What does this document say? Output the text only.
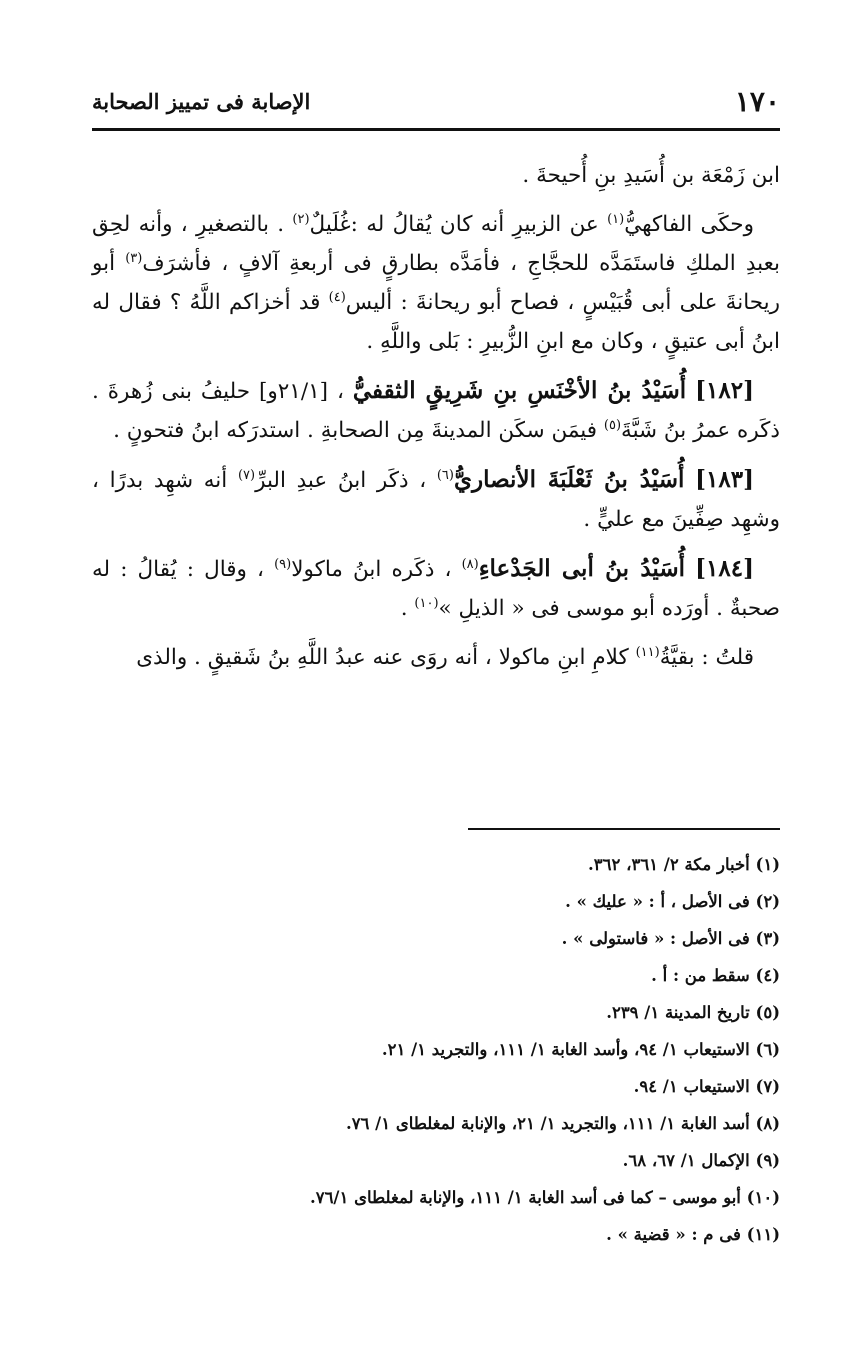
١٧٠
الإصابة فى تمييز الصحابة

ابن زَمْعَة بن أُسَيدِ بنِ أُحيحةَ .

وحكَى الفاكهيُّ$^{(١)}$ عن الزبيرِ أنه كان يُقالُ له :غُلَيلٌ$^{(٢)}$ . بالتصغيرِ ، وأنه لحِق بعبدِ الملكِ فاستَمَدَّه للحجَّاجِ ، فأمَدَّه بطارقٍ فى أربعةِ آلافٍ ، فأشرَف$^{(٣)}$ أبو ريحانةَ على أبى قُبَيْسٍ ، فصاح أبو ريحانةَ : أليس$^{(٤)}$ قد أخزاكم اللَّهُ ؟ فقال له ابنُ أبى عتيقٍ ، وكان مع ابنِ الزُّبيرِ : بَلى واللَّهِ .

[١٨٢] أُسَيْدُ بنُ الأخْنَسِ بنِ شَرِيقٍ الثقفيُّ ، [٢١/١و] حليفُ بنى زُهرةَ . ذكَره عمرُ بنُ شَبَّةَ$^{(٥)}$ فيمَن سكَن المدينةَ مِن الصحابةِ . استدرَكه ابنُ فتحونٍ .

[١٨٣] أُسَيْدُ بنُ ثَعْلَبَةَ الأنصاريُّ$^{(٦)}$ ، ذكَر ابنُ عبدِ البرِّ$^{(٧)}$ أنه شهِد بدرًا ، وشهِد صِفِّينَ مع عليٍّ .

[١٨٤] أُسَيْدُ بنُ أبى الجَدْعاءِ$^{(٨)}$ ، ذكَره ابنُ ماكولا$^{(٩)}$ ، وقال : يُقالُ : له صحبةٌ . أورَده أبو موسى فى « الذيلِ »$^{(١٠)}$ .

قلتُ : بقيَّةُ$^{(١١)}$ كلامِ ابنِ ماكولا ، أنه روَى عنه عبدُ اللَّهِ بنُ شَقيقٍ . والذى

(١) أخبار مكة ٢/ ٣٦١، ٣٦٢.
(٢) فى الأصل ، أ : « عليك » .
(٣) فى الأصل : « فاستولى » .
(٤) سقط من : أ .
(٥) تاريخ المدينة ١/ ٢٣٩.
(٦) الاستيعاب ١/ ٩٤، وأسد الغابة ١/ ١١١، والتجريد ١/ ٢١.
(٧) الاستيعاب ١/ ٩٤.
(٨) أسد الغابة ١/ ١١١، والتجريد ١/ ٢١، والإنابة لمغلطاى ١/ ٧٦.
(٩) الإكمال ١/ ٦٧، ٦٨.
(١٠) أبو موسى – كما فى أسد الغابة ١/ ١١١، والإنابة لمغلطاى ٧٦/١.
(١١) فى م : « قضية » .
